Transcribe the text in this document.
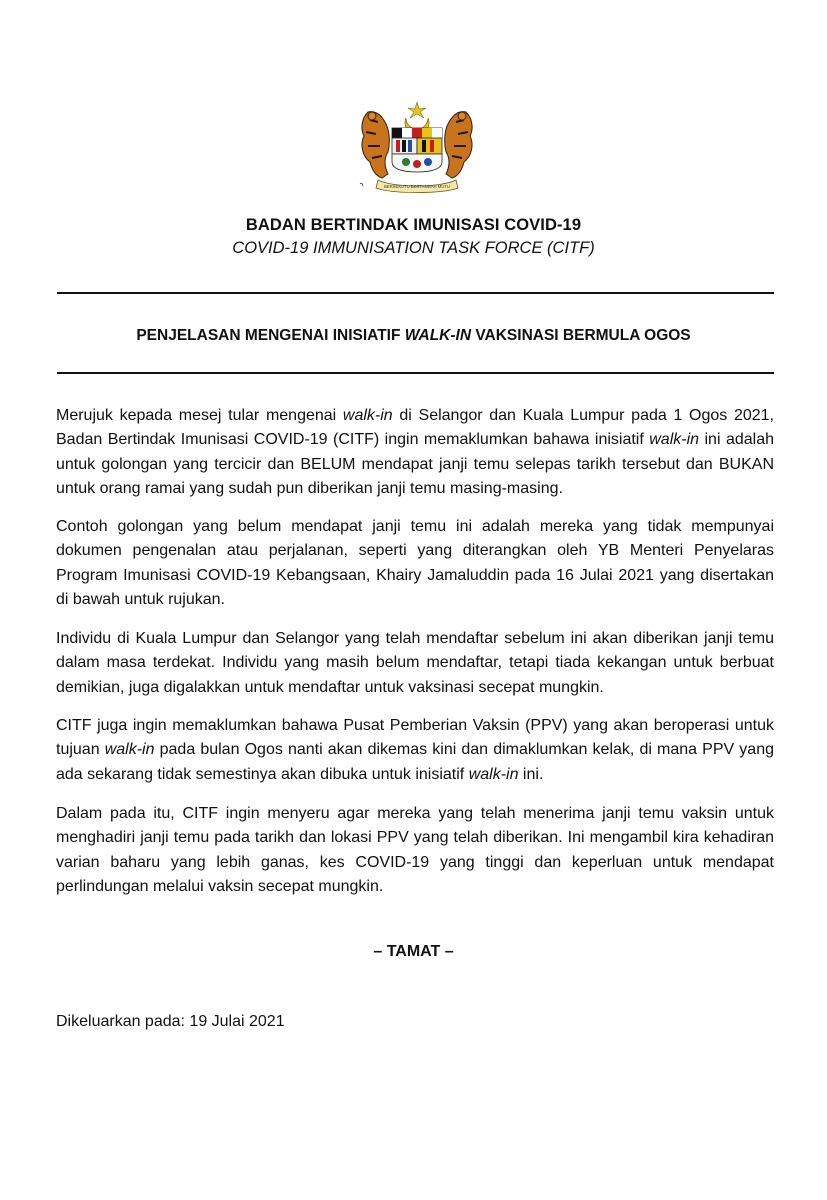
BERSEKUTU BERTAMBAH MUTU
BADAN BERTINDAK IMUNISASI COVID-19
COVID-19 IMMUNISATION TASK FORCE (CITF)
PENJELASAN MENGENAI INISIATIF WALK-IN VAKSINASI BERMULA OGOS

Merujuk kepada mesej tular mengenai walk-in di Selangor dan Kuala Lumpur pada 1 Ogos 2021, Badan Bertindak Imunisasi COVID-19 (CITF) ingin memaklumkan bahawa inisiatif walk-in ini adalah untuk golongan yang tercicir dan BELUM mendapat janji temu selepas tarikh tersebut dan BUKAN untuk orang ramai yang sudah pun diberikan janji temu masing-masing.

Contoh golongan yang belum mendapat janji temu ini adalah mereka yang tidak mempunyai dokumen pengenalan atau perjalanan, seperti yang diterangkan oleh YB Menteri Penyelaras Program Imunisasi COVID-19 Kebangsaan, Khairy Jamaluddin pada 16 Julai 2021 yang disertakan di bawah untuk rujukan.

Individu di Kuala Lumpur dan Selangor yang telah mendaftar sebelum ini akan diberikan janji temu dalam masa terdekat. Individu yang masih belum mendaftar, tetapi tiada kekangan untuk berbuat demikian, juga digalakkan untuk mendaftar untuk vaksinasi secepat mungkin.

CITF juga ingin memaklumkan bahawa Pusat Pemberian Vaksin (PPV) yang akan beroperasi untuk tujuan walk-in pada bulan Ogos nanti akan dikemas kini dan dimaklumkan kelak, di mana PPV yang ada sekarang tidak semestinya akan dibuka untuk inisiatif walk-in ini.

Dalam pada itu, CITF ingin menyeru agar mereka yang telah menerima janji temu vaksin untuk menghadiri janji temu pada tarikh dan lokasi PPV yang telah diberikan. Ini mengambil kira kehadiran varian baharu yang lebih ganas, kes COVID-19 yang tinggi dan keperluan untuk mendapat perlindungan melalui vaksin secepat mungkin.

– TAMAT –
Dikeluarkan pada: 19 Julai 2021
